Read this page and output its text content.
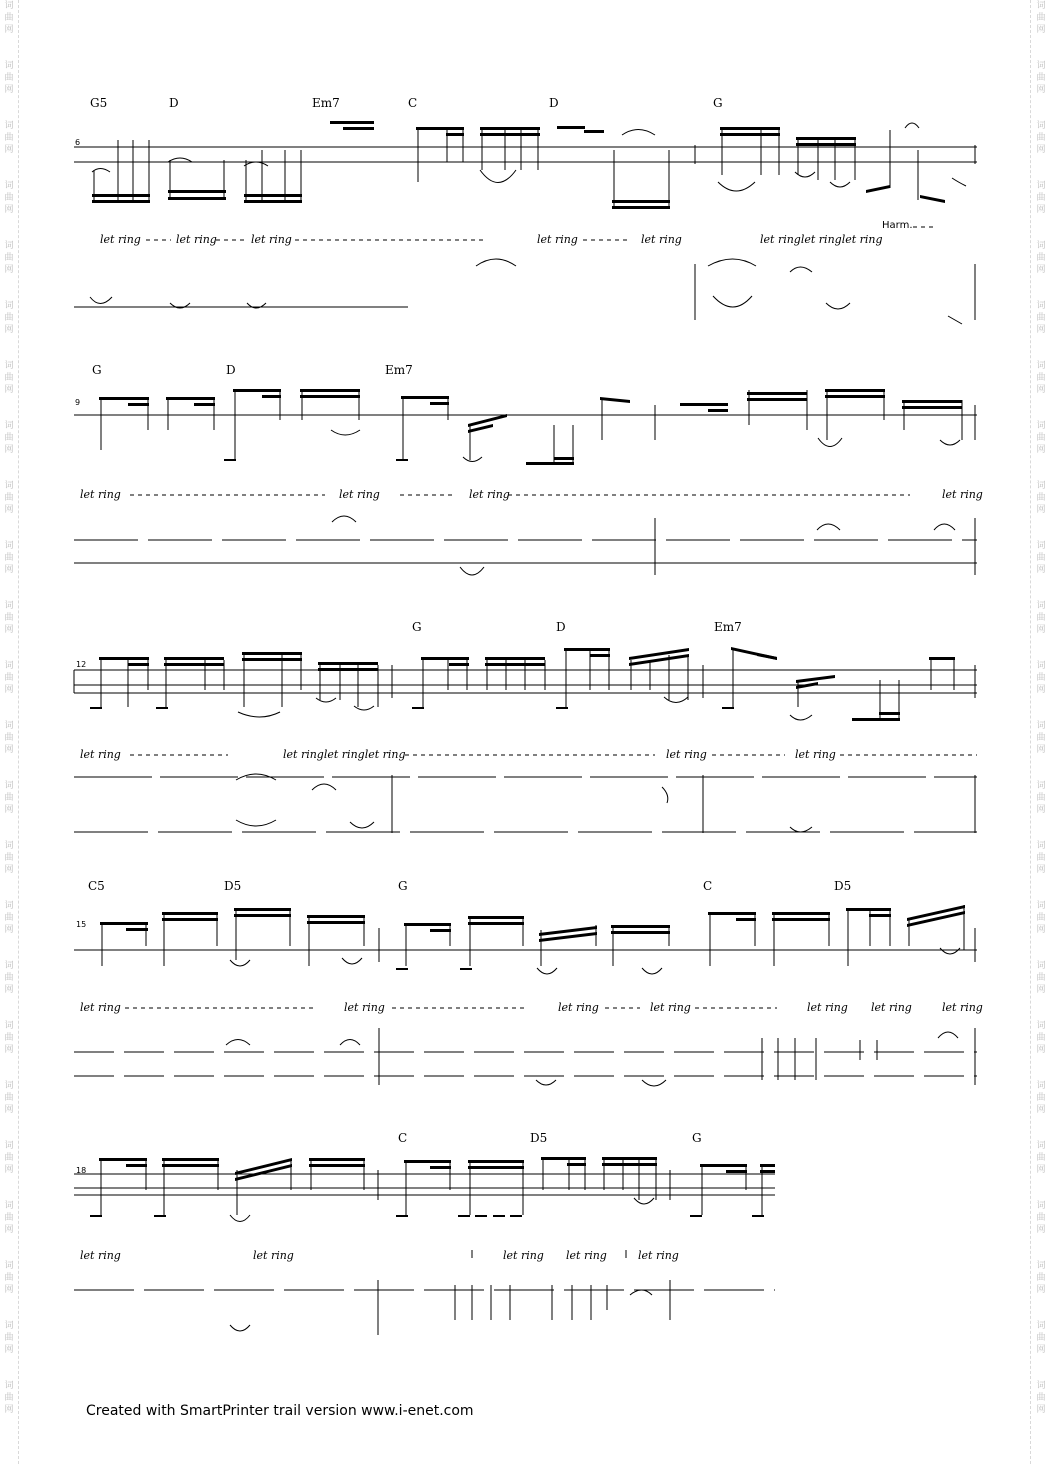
词
曲
网
词
曲
网
词
曲
网
词
曲
网
词
曲
网
词
曲
网
词
曲
网
词
曲
网
词
曲
网
词
曲
网
词
曲
网
词
曲
网
词
曲
网
词
曲
网
词
曲
网
词
曲
网
词
曲
网
词
曲
网
词
曲
网
词
曲
网
词
曲
网
词
曲
网
词
曲
网
词
曲
网
词
曲
网
词
曲
网
词
曲
网
词
曲
网
词
曲
网
词
曲
网
词
曲
网
词
曲
网
词
曲
网
词
曲
网
词
曲
网
词
曲
网
词
曲
网
词
曲
网
词
曲
网
词
曲
网
词
曲
网
词
曲
网
词
曲
网
词
曲
网
词
曲
网
词
曲
网
词
曲
网
词
曲
网
G5	D	Em7	C	D	G
6
let ring	let ring	let ring	let ring	let ring	let ringlet ringlet ring
Harm.
G	D	Em7
9
let ring	let ring	let ring	let ring
G	D	Em7
12
let ring	let ringlet ringlet ring	let ring	let ring
C5	D5	G	C	D5
15
let ring	let ring	let ring	let ring	let ring let ring	let ring
C	D5	G
18
let ring	let ring	let ring let ring	let ring
Created with SmartPrinter trail version www.i-enet.com
